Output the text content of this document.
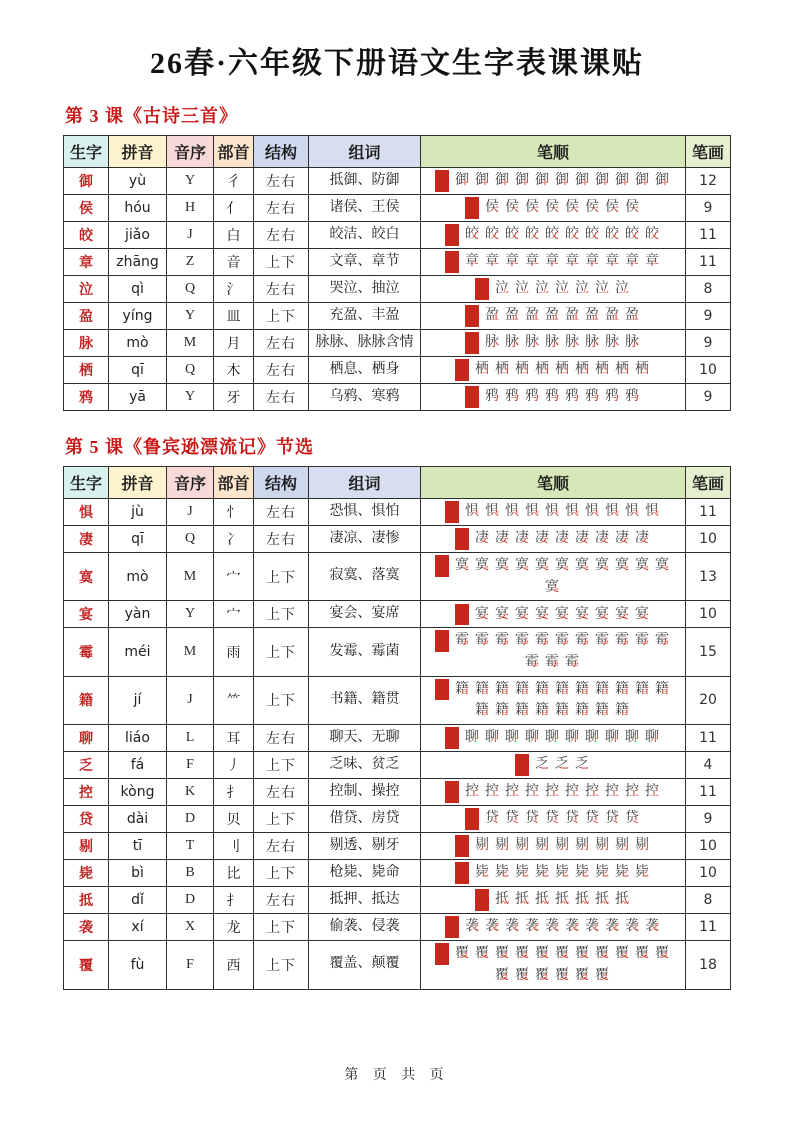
26春·六年级下册语文生字表课课贴
第 3 课《古诗三首》
生字	拼音	音序	部首	结构	组词	笔顺	笔画
御	yù	Y	彳	左右	抵御、防御	御 御 御 御 御 御 御 御 御 御 御	12
侯	hóu	H	亻	左右	诸侯、王侯	侯 侯 侯 侯 侯 侯 侯 侯	9
皎	jiǎo	J	白	左右	皎洁、皎白	皎 皎 皎 皎 皎 皎 皎 皎 皎 皎	11
章	zhāng	Z	音	上下	文章、章节	章 章 章 章 章 章 章 章 章 章	11
泣	qì	Q	氵	左右	哭泣、抽泣	泣 泣 泣 泣 泣 泣 泣	8
盈	yíng	Y	皿	上下	充盈、丰盈	盈 盈 盈 盈 盈 盈 盈 盈	9
脉	mò	M	月	左右	脉脉、脉脉含情	脉 脉 脉 脉 脉 脉 脉 脉	9
栖	qī	Q	木	左右	栖息、栖身	栖 栖 栖 栖 栖 栖 栖 栖 栖	10
鸦	yā	Y	牙	左右	乌鸦、寒鸦	鸦 鸦 鸦 鸦 鸦 鸦 鸦 鸦	9
第 5 课《鲁宾逊漂流记》节选
生字	拼音	音序	部首	结构	组词	笔顺	笔画
惧	jù	J	忄	左右	恐惧、惧怕	惧 惧 惧 惧 惧 惧 惧 惧 惧 惧	11
凄	qī	Q	冫	左右	凄凉、凄惨	凄 凄 凄 凄 凄 凄 凄 凄 凄	10
寞	mò	M	宀	上下	寂寞、落寞	寞 寞 寞 寞 寞 寞 寞 寞 寞 寞 寞寞	13
宴	yàn	Y	宀	上下	宴会、宴席	宴 宴 宴 宴 宴 宴 宴 宴 宴	10
霉	méi	M	雨	上下	发霉、霉菌	霉 霉 霉 霉 霉 霉 霉 霉 霉 霉 霉霉 霉 霉	15
籍	jí	J	⺮	上下	书籍、籍贯	籍 籍 籍 籍 籍 籍 籍 籍 籍 籍 籍籍 籍 籍 籍 籍 籍 籍 籍	20
聊	liáo	L	耳	左右	聊天、无聊	聊 聊 聊 聊 聊 聊 聊 聊 聊 聊	11
乏	fá	F	丿	上下	乏味、贫乏	乏 乏 乏	4
控	kòng	K	扌	左右	控制、操控	控 控 控 控 控 控 控 控 控 控	11
贷	dài	D	贝	上下	借贷、房贷	贷 贷 贷 贷 贷 贷 贷 贷	9
剔	tī	T	刂	左右	剔透、剔牙	剔 剔 剔 剔 剔 剔 剔 剔 剔	10
毙	bì	B	比	上下	枪毙、毙命	毙 毙 毙 毙 毙 毙 毙 毙 毙	10
抵	dǐ	D	扌	左右	抵押、抵达	抵 抵 抵 抵 抵 抵 抵	8
袭	xí	X	龙	上下	偷袭、侵袭	袭 袭 袭 袭 袭 袭 袭 袭 袭 袭	11
覆	fù	F	西	上下	覆盖、颠覆	覆 覆 覆 覆 覆 覆 覆 覆 覆 覆 覆覆 覆 覆 覆 覆 覆	18
第 页 共 页
